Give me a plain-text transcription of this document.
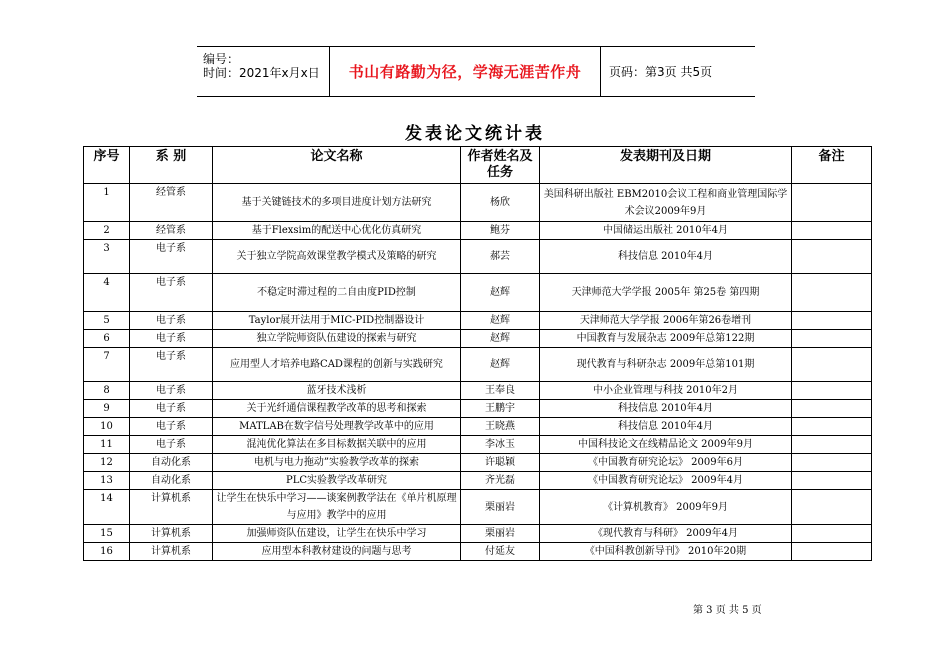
编号：
时间：2021年x月x日 书山有路勤为径，学海无涯苦作舟 页码：第3页 共5页
发表论文统计表
序号	系 别	论文名称	作者姓名及任务	发表期刊及日期	备注
1	经管系	基于关键链技术的多项目进度计划方法研究	杨欣	美国科研出版社 EBM2010会议工程和商业管理国际学术会议2009年9月	
2	经管系	基于Flexsim的配送中心优化仿真研究	鲍芬	中国储运出版社 2010年4月	
3	电子系	关于独立学院高效课堂教学模式及策略的研究	郝芸	科技信息 2010年4月	
4	电子系	不稳定时滞过程的二自由度PID控制	赵辉	天津师范大学学报 2005年 第25卷 第四期	
5	电子系	Taylor展开法用于MIC-PID控制器设计	赵辉	天津师范大学学报 2006年第26卷增刊	
6	电子系	独立学院师资队伍建设的探索与研究	赵辉	中国教育与发展杂志 2009年总第122期	
7	电子系	应用型人才培养电路CAD课程的创新与实践研究	赵辉	现代教育与科研杂志 2009年总第101期	
8	电子系	蓝牙技术浅析	王奉良	中小企业管理与科技 2010年2月	
9	电子系	关于光纤通信课程教学改革的思考和探索	王鹏宇	科技信息 2010年4月	
10	电子系	MATLAB在数字信号处理教学改革中的应用	王晓燕	科技信息 2010年4月	
11	电子系	混沌优化算法在多目标数据关联中的应用	李冰玉	中国科技论文在线精品论文 2009年9月	
12	自动化系	电机与电力拖动”实验教学改革的探索	许聪颖	《中国教育研究论坛》 2009年6月	
13	自动化系	PLC实验教学改革研究	齐光磊	《中国教育研究论坛》 2009年4月	
14	计算机系	让学生在快乐中学习——谈案例教学法在《单片机原理与应用》教学中的应用	栗丽岩	《计算机教育》 2009年9月	
15	计算机系	加强师资队伍建设，让学生在快乐中学习	栗丽岩	《现代教育与科研》 2009年4月	
16	计算机系	应用型本科教材建设的问题与思考	付延友	《中国科教创新导刊》 2010年20期	
第 3 页 共 5 页
